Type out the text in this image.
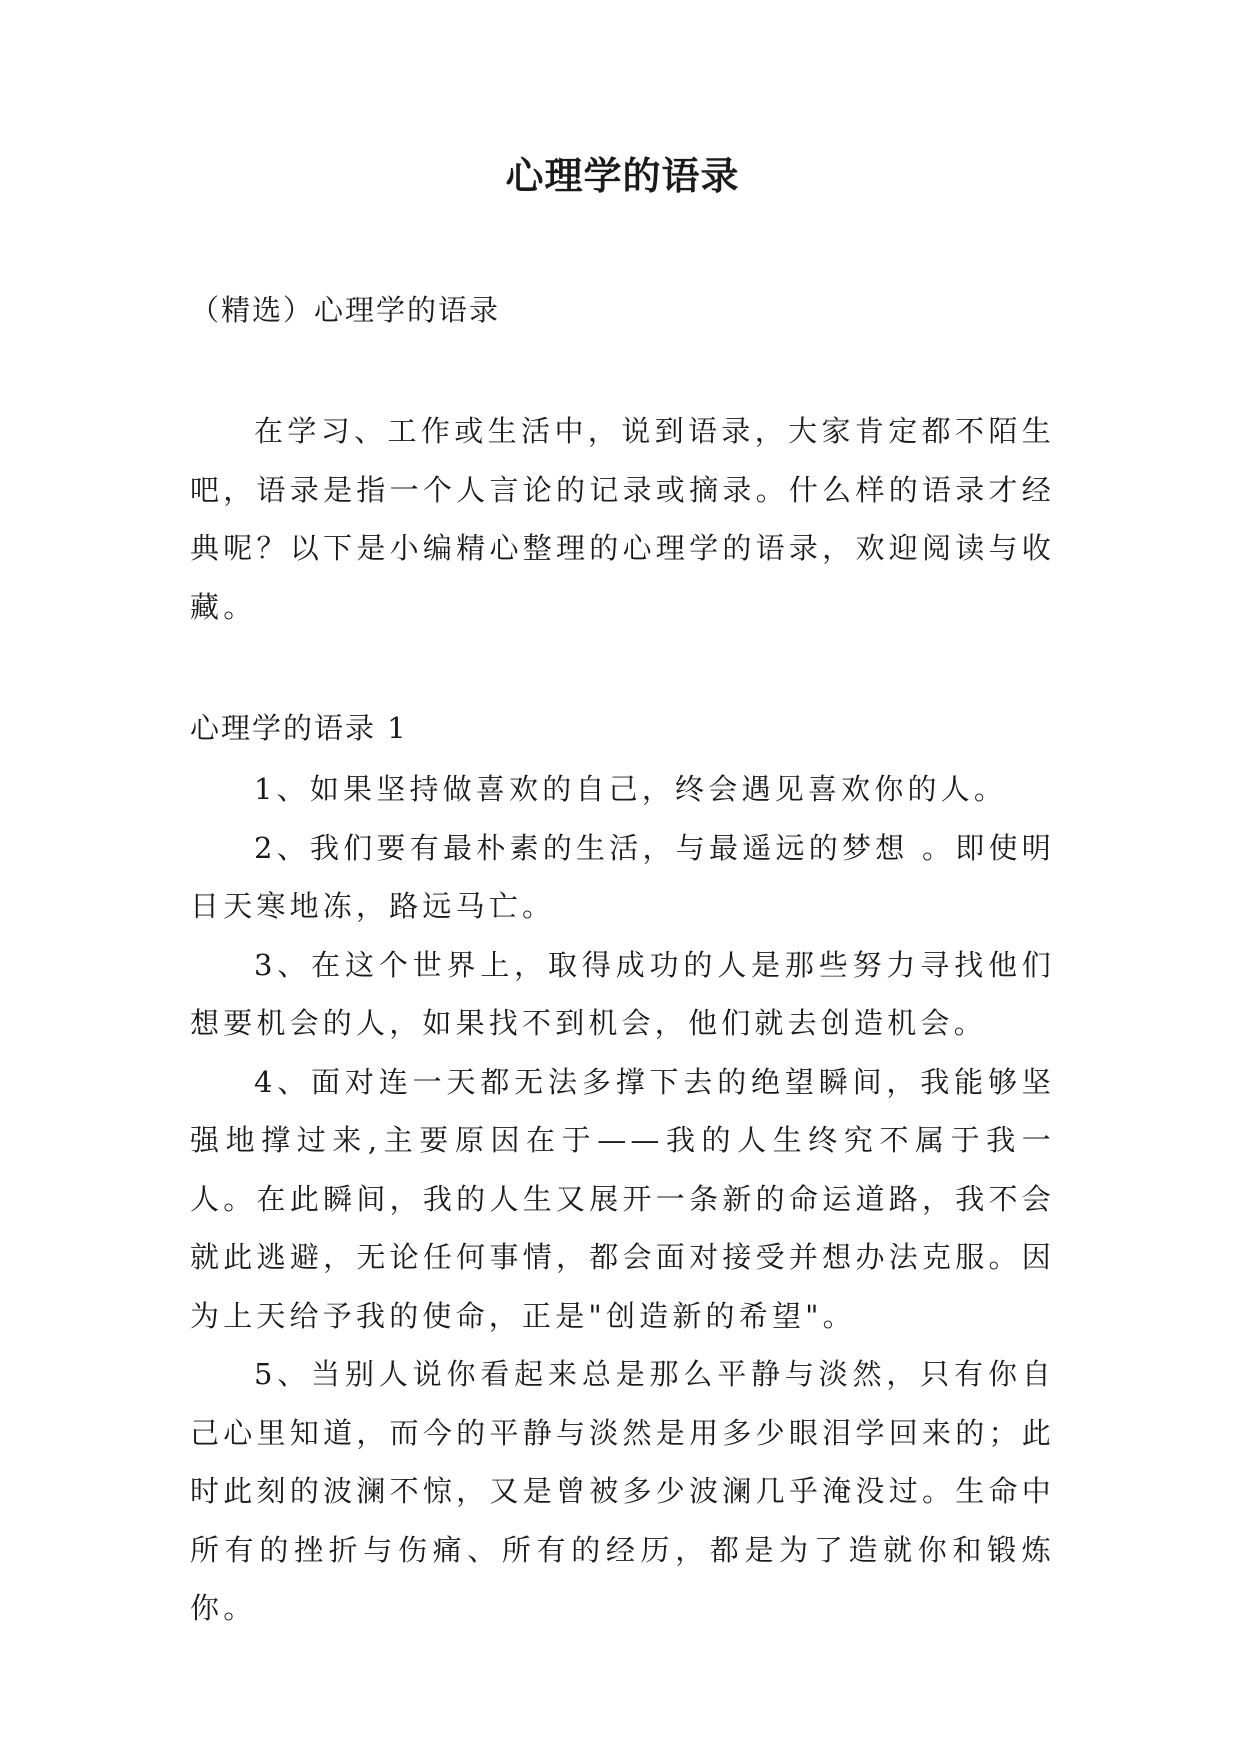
心理学的语录

（精选）心理学的语录

在学习、工作或生活中，说到语录，大家肯定都不陌生吧，语录是指一个人言论的记录或摘录。什么样的语录才经典呢？以下是小编精心整理的心理学的语录，欢迎阅读与收藏。

心理学的语录 1

1、如果坚持做喜欢的自己，终会遇见喜欢你的人。

2、我们要有最朴素的生活，与最遥远的梦想 。即使明日天寒地冻，路远马亡。

3、在这个世界上，取得成功的人是那些努力寻找他们想要机会的人，如果找不到机会，他们就去创造机会。

4、面对连一天都无法多撑下去的绝望瞬间，我能够坚强地撑过来,主要原因在于——我的人生终究不属于我一人。在此瞬间，我的人生又展开一条新的命运道路，我不会就此逃避，无论任何事情，都会面对接受并想办法克服。因为上天给予我的使命，正是"创造新的希望"。

5、当别人说你看起来总是那么平静与淡然，只有你自己心里知道，而今的平静与淡然是用多少眼泪学回来的；此时此刻的波澜不惊，又是曾被多少波澜几乎淹没过。生命中所有的挫折与伤痛、所有的经历，都是为了造就你和锻炼你。
